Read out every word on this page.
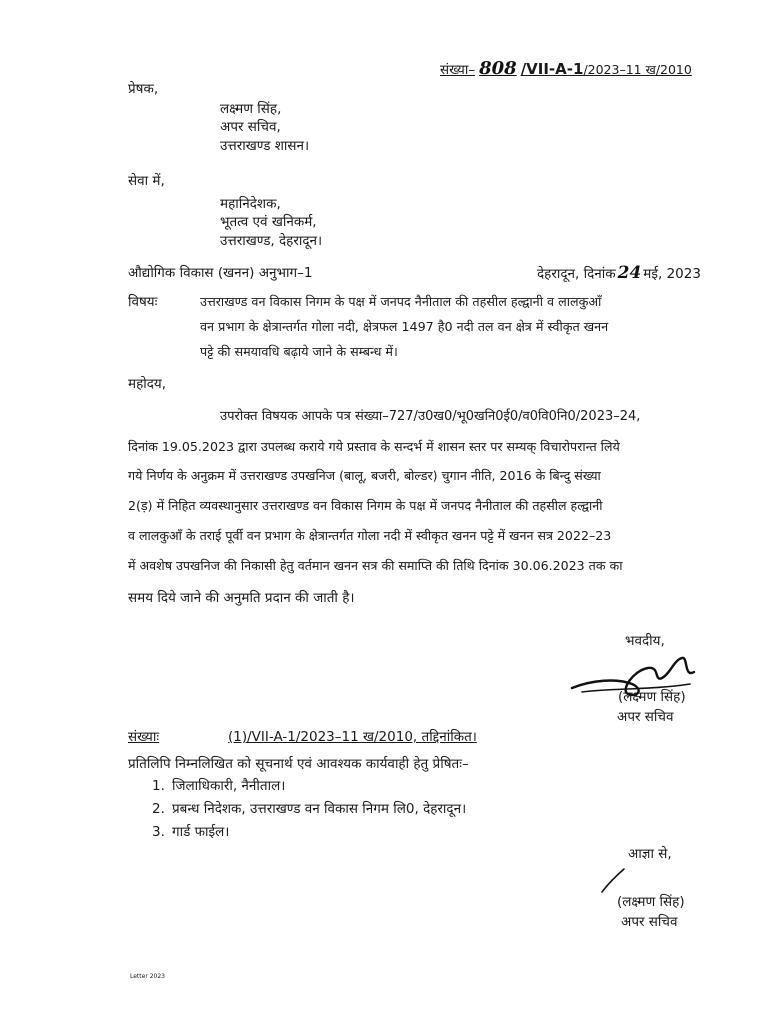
संख्या– 808 /VII-A-1/2023–11 ख/2010
प्रेषक,
लक्ष्मण सिंह,
अपर सचिव,
उत्तराखण्ड शासन।
सेवा में,
महानिदेशक,
भूतत्व एवं खनिकर्म,
उत्तराखण्ड, देहरादून।
औद्योगिक विकास (खनन) अनुभाग–1	देहरादून, दिनांक 24 मई, 2023
विषयः	उत्तराखण्ड वन विकास निगम के पक्ष में जनपद नैनीताल की तहसील हल्द्वानी व लालकुऑं
वन प्रभाग के क्षेत्रान्तर्गत गोला नदी, क्षेत्रफल 1497 है0 नदी तल वन क्षेत्र में स्वीकृत खनन
पट्टे की समयावधि बढ़ाये जाने के सम्बन्ध में।
महोदय,
उपरोक्त विषयक आपके पत्र संख्या–727/उ0ख0/भू0खनि0ई0/व0वि0नि0/2023–24,
दिनांक 19.05.2023 द्वारा उपलब्ध कराये गये प्रस्ताव के सन्दर्भ में शासन स्तर पर सम्यक् विचारोपरान्त लिये
गये निर्णय के अनुक्रम में उत्तराखण्ड उपखनिज (बालू, बजरी, बोल्डर) चुगान नीति, 2016 के बिन्दु संख्या
2(ड़) में निहित व्यवस्थानुसार उत्तराखण्ड वन विकास निगम के पक्ष में जनपद नैनीताल की तहसील हल्द्वानी
व लालकुऑं के तराई पूर्वी वन प्रभाग के क्षेत्रान्तर्गत गोला नदी में स्वीकृत खनन पट्टे में खनन सत्र 2022–23
में अवशेष उपखनिज की निकासी हेतु वर्तमान खनन सत्र की समाप्ति की तिथि दिनांक 30.06.2023 तक का
समय दिये जाने की अनुमति प्रदान की जाती है।
भवदीय,
(लक्ष्मण सिंह)
अपर सचिव
संख्याः	(1)/VII-A-1/2023–11 ख/2010, तद्दिनांकित।
प्रतिलिपि निम्नलिखित को सूचनार्थ एवं आवश्यक कार्यवाही हेतु प्रेषितः–
1. जिलाधिकारी, नैनीताल।
2. प्रबन्ध निदेशक, उत्तराखण्ड वन विकास निगम लि0, देहरादून।
3. गार्ड फाईल।
आज्ञा से,
(लक्ष्मण सिंह)
अपर सचिव
Letter 2023
